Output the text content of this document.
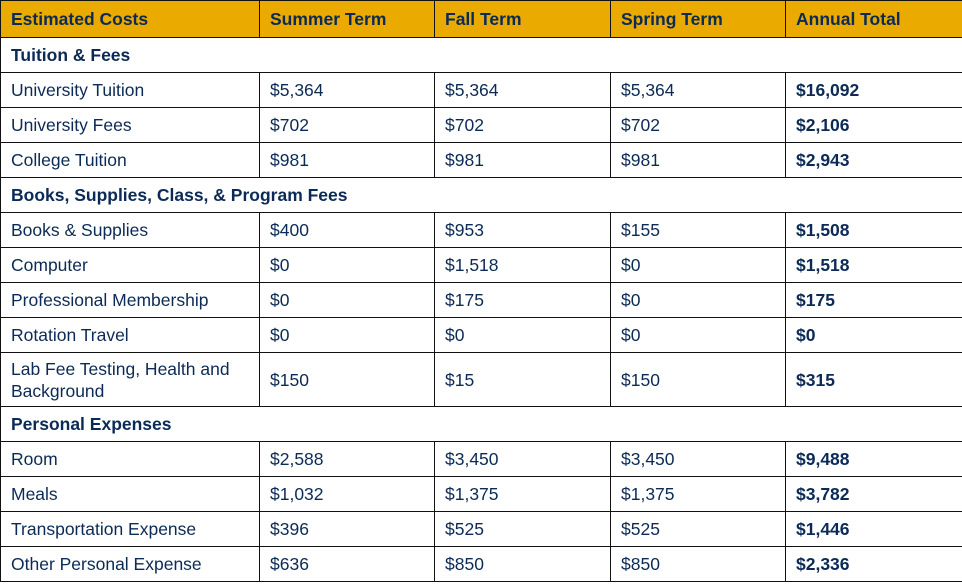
Estimated Costs	Summer Term	Fall Term	Spring Term	Annual Total
Tuition & Fees				
University Tuition	$5,364	$5,364	$5,364	$16,092
University Fees	$702	$702	$702	$2,106
College Tuition	$981	$981	$981	$2,943
Books, Supplies, Class, & Program Fees				
Books & Supplies	$400	$953	$155	$1,508
Computer	$0	$1,518	$0	$1,518
Professional Membership	$0	$175	$0	$175
Rotation Travel	$0	$0	$0	$0
Lab Fee Testing, Health and Background	$150	$15	$150	$315
Personal Expenses				
Room	$2,588	$3,450	$3,450	$9,488
Meals	$1,032	$1,375	$1,375	$3,782
Transportation Expense	$396	$525	$525	$1,446
Other Personal Expense	$636	$850	$850	$2,336
